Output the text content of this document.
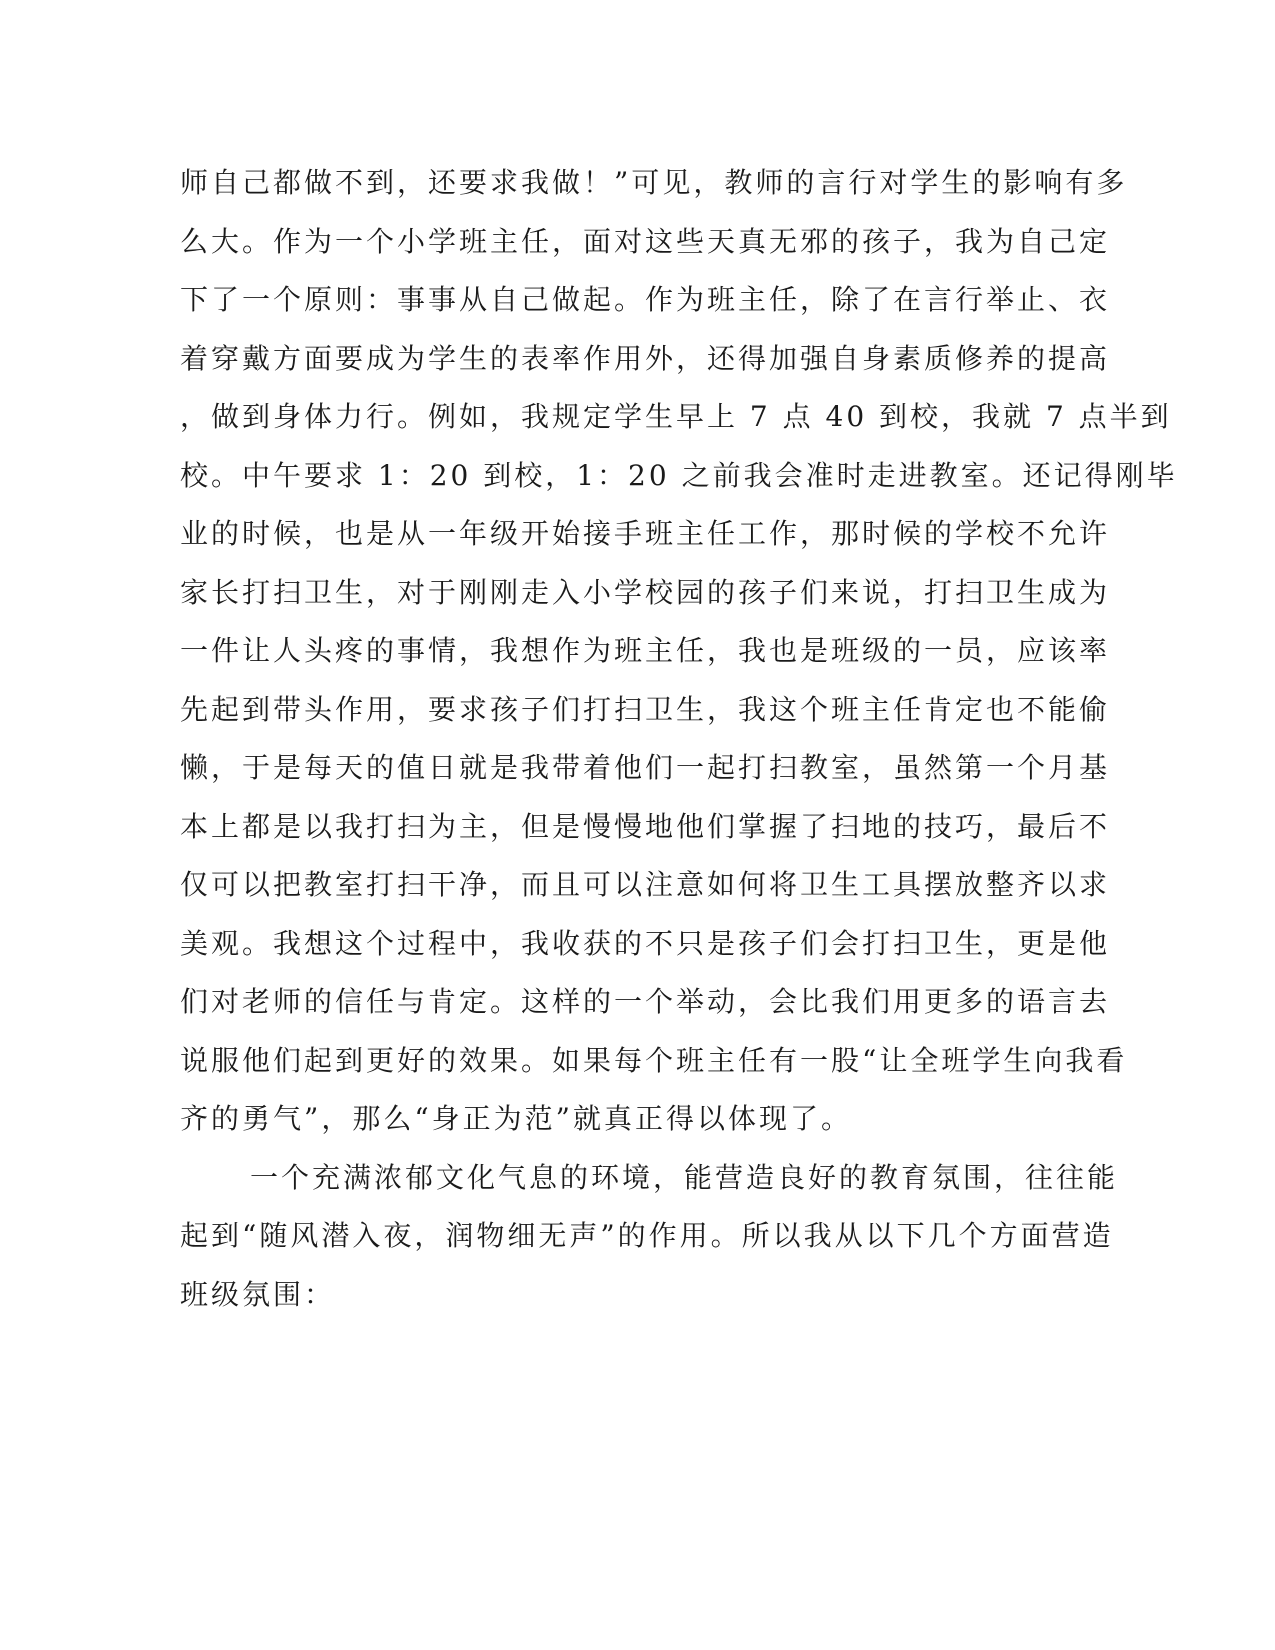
师自己都做不到，还要求我做！”可见，教师的言行对学生的影响有多
么大。作为一个小学班主任，面对这些天真无邪的孩子，我为自己定
下了一个原则：事事从自己做起。作为班主任，除了在言行举止、衣
着穿戴方面要成为学生的表率作用外，还得加强自身素质修养的提高
，做到身体力行。例如，我规定学生早上 7 点 40 到校，我就 7 点半到
校。中午要求 1：20 到校，1：20 之前我会准时走进教室。还记得刚毕
业的时候，也是从一年级开始接手班主任工作，那时候的学校不允许
家长打扫卫生，对于刚刚走入小学校园的孩子们来说，打扫卫生成为
一件让人头疼的事情，我想作为班主任，我也是班级的一员，应该率
先起到带头作用，要求孩子们打扫卫生，我这个班主任肯定也不能偷
懒，于是每天的值日就是我带着他们一起打扫教室，虽然第一个月基
本上都是以我打扫为主，但是慢慢地他们掌握了扫地的技巧，最后不
仅可以把教室打扫干净，而且可以注意如何将卫生工具摆放整齐以求
美观。我想这个过程中，我收获的不只是孩子们会打扫卫生，更是他
们对老师的信任与肯定。这样的一个举动，会比我们用更多的语言去
说服他们起到更好的效果。如果每个班主任有一股“让全班学生向我看
齐的勇气”，那么“身正为范”就真正得以体现了。
一个充满浓郁文化气息的环境，能营造良好的教育氛围，往往能
起到“随风潜入夜，润物细无声”的作用。所以我从以下几个方面营造
班级氛围：
